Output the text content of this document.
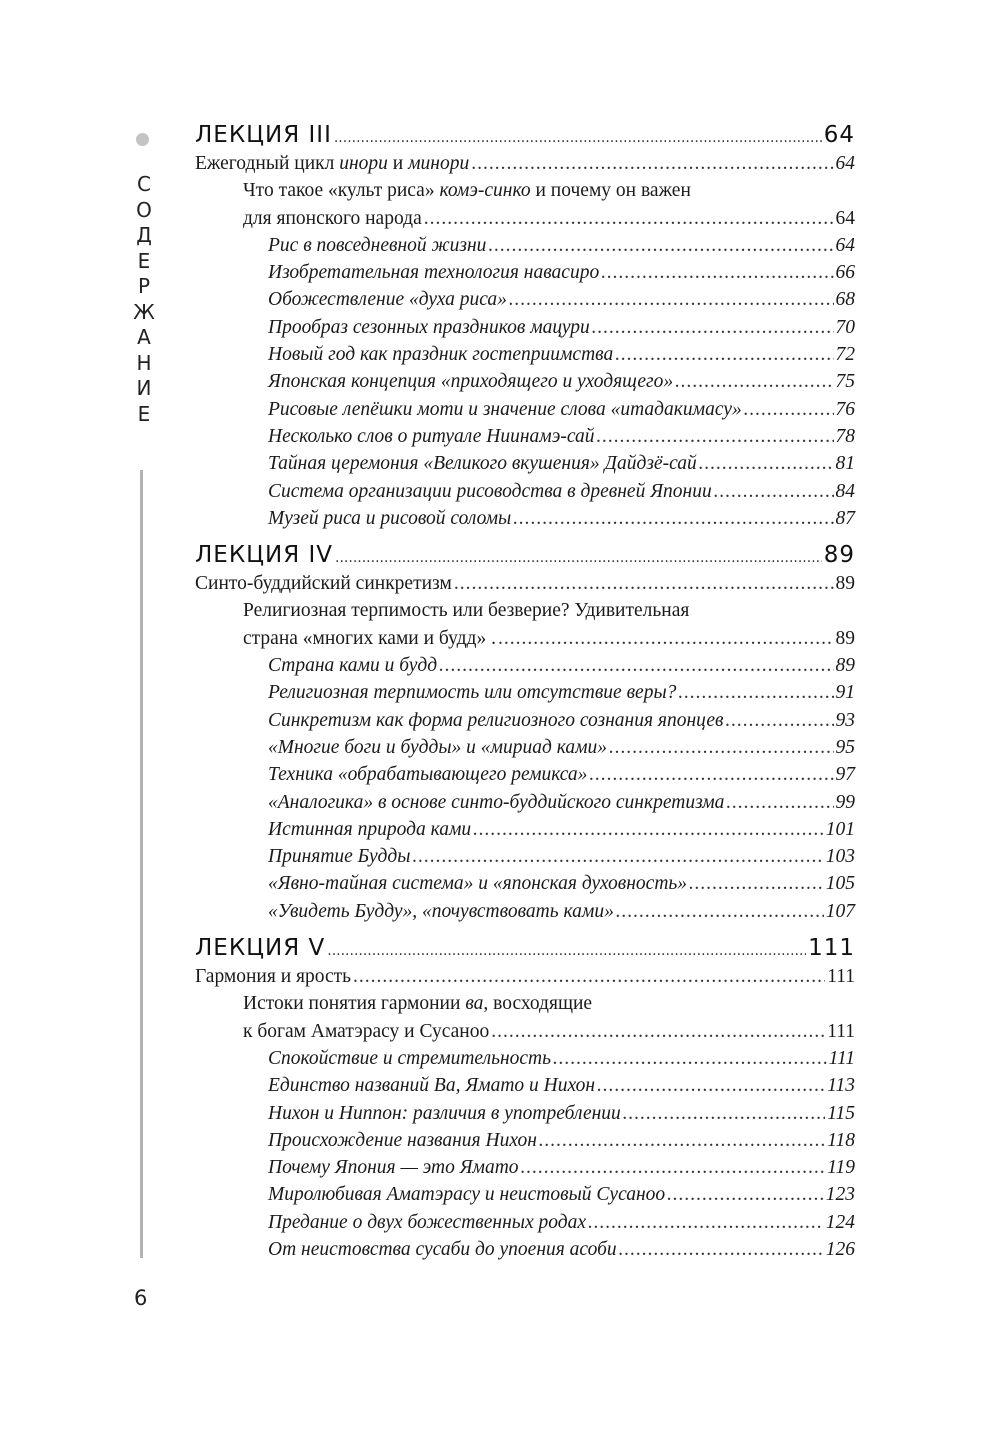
С
О
Д
Е
Р
Ж
А
Н
И
Е
6
ЛЕКЦИЯ III .....	64
Ежегодный цикл инори и минори .....	64
Что такое «культ риса» комэ-синко и почему он важен
для японского народа .....	64
Рис в повседневной жизни .....	64
Изобретательная технология навасиро .....	66
Обожествление «духа риса» .....	68
Прообраз сезонных праздников мацури .....	70
Новый год как праздник гостеприимства .....	72
Японская концепция «приходящего и уходящего» .....	75
Рисовые лепёшки моти и значение слова «итадакимасу» .....	76
Несколько слов о ритуале Ниинамэ-сай .....	78
Тайная церемония «Великого вкушения» Дайдзё-сай .....	81
Система организации рисоводства в древней Японии .....	84
Музей риса и рисовой соломы .....	87
ЛЕКЦИЯ IV .....	89
Синто-буддийский синкретизм .....	89
Религиозная терпимость или безверие? Удивительная
страна «многих ками и будд» . .....	89
Страна ками и будд .....	89
Религиозная терпимость или отсутствие веры? .....	91
Синкретизм как форма религиозного сознания японцев .....	93
«Многие боги и будды» и «мириад ками» .....	95
Техника «обрабатывающего ремикса» .....	97
«Аналогика» в основе синто-буддийского синкретизма .....	99
Истинная природа ками .....	101
Принятие Будды .....	103
«Явно-тайная система» и «японская духовность» .....	105
«Увидеть Будду», «почувствовать ками» .....	107
ЛЕКЦИЯ V .....	111
Гармония и ярость .....	111
Истоки понятия гармонии ва, восходящие
к богам Аматэрасу и Сусаноо .....	111
Спокойствие и стремительность .....	111
Единство названий Ва, Ямато и Нихон .....	113
Нихон и Ниппон: различия в употреблении .....	115
Происхождение названия Нихон .....	118
Почему Япония — это Ямато .....	119
Миролюбивая Аматэрасу и неистовый Сусаноо .....	123
Предание о двух божественных родах .....	124
От неистовства сусаби до упоения асоби .....	126
